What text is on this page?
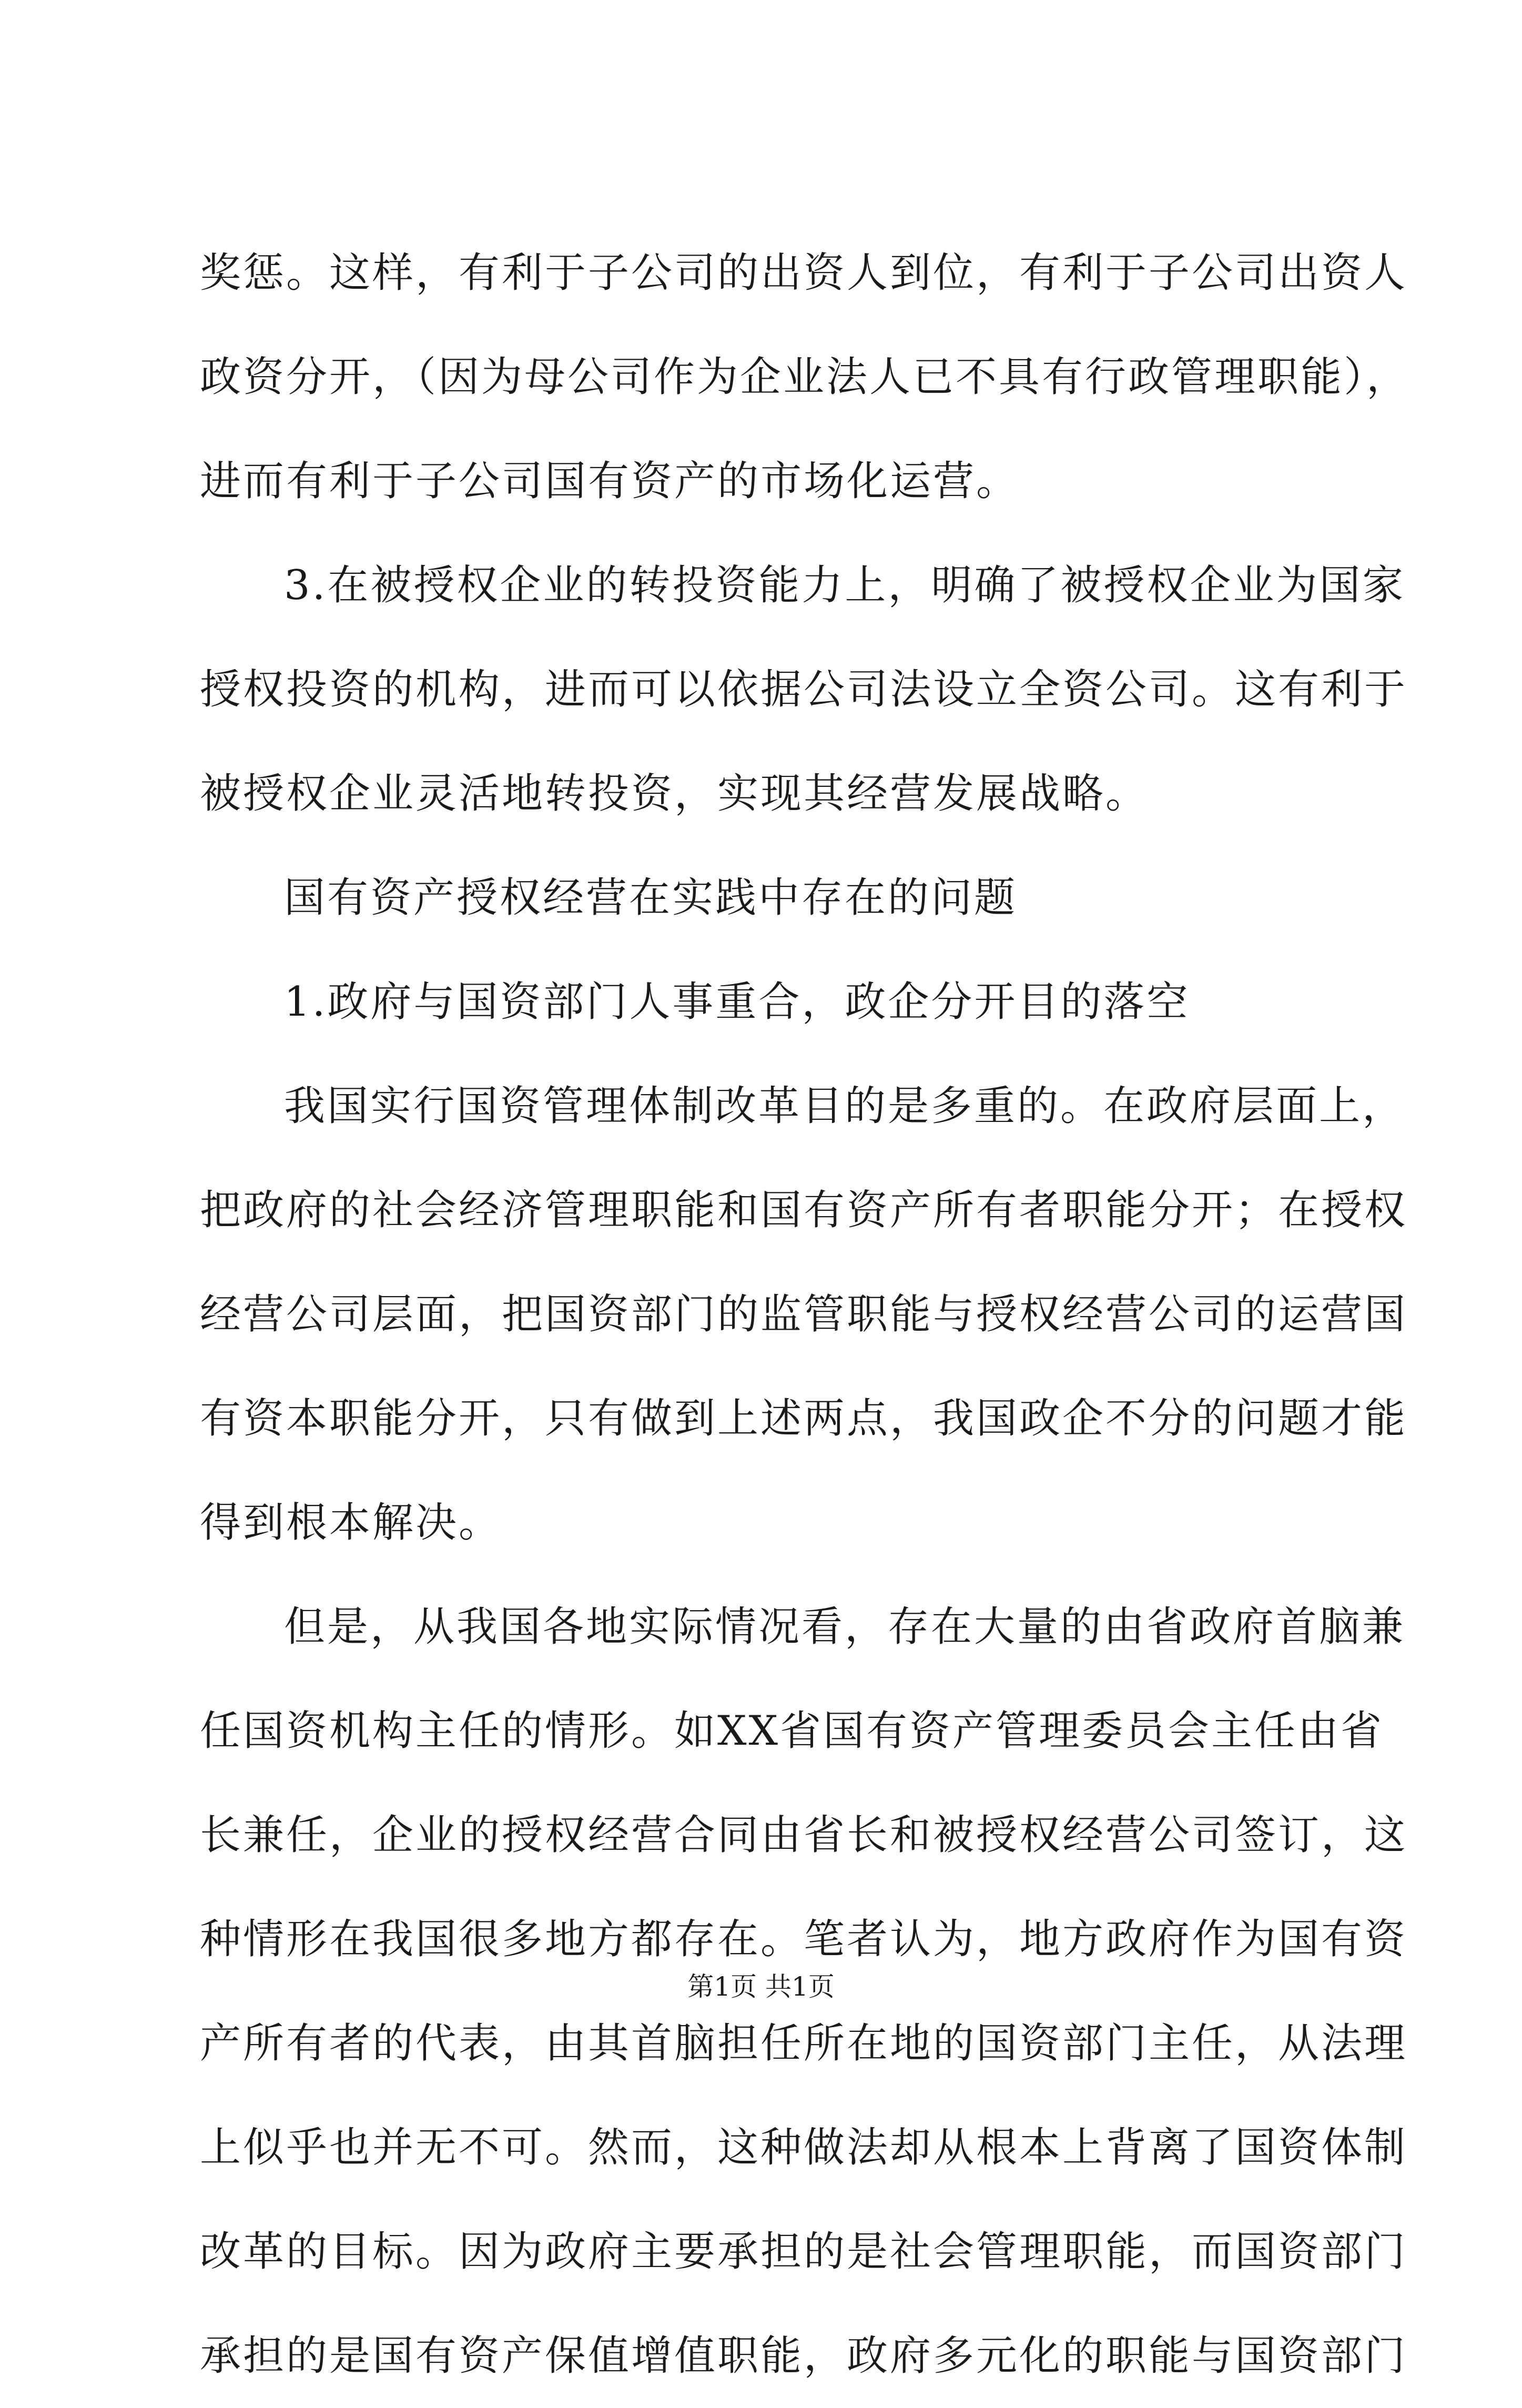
奖惩。这样，有利于子公司的出资人到位，有利于子公司出资人
政资分开，（因为母公司作为企业法人已不具有行政管理职能），
进而有利于子公司国有资产的市场化运营。
3.在被授权企业的转投资能力上，明确了被授权企业为国家
授权投资的机构，进而可以依据公司法设立全资公司。这有利于
被授权企业灵活地转投资，实现其经营发展战略。
国有资产授权经营在实践中存在的问题
1.政府与国资部门人事重合，政企分开目的落空
我国实行国资管理体制改革目的是多重的。在政府层面上，
把政府的社会经济管理职能和国有资产所有者职能分开；在授权
经营公司层面，把国资部门的监管职能与授权经营公司的运营国
有资本职能分开，只有做到上述两点，我国政企不分的问题才能
得到根本解决。
但是，从我国各地实际情况看，存在大量的由省政府首脑兼
任国资机构主任的情形。如XX省国有资产管理委员会主任由省
长兼任，企业的授权经营合同由省长和被授权经营公司签订，这
种情形在我国很多地方都存在。笔者认为，地方政府作为国有资
产所有者的代表，由其首脑担任所在地的国资部门主任，从法理
上似乎也并无不可。然而，这种做法却从根本上背离了国资体制
改革的目标。因为政府主要承担的是社会管理职能，而国资部门
承担的是国有资产保值增值职能，政府多元化的职能与国资部门
第1页 共1页
